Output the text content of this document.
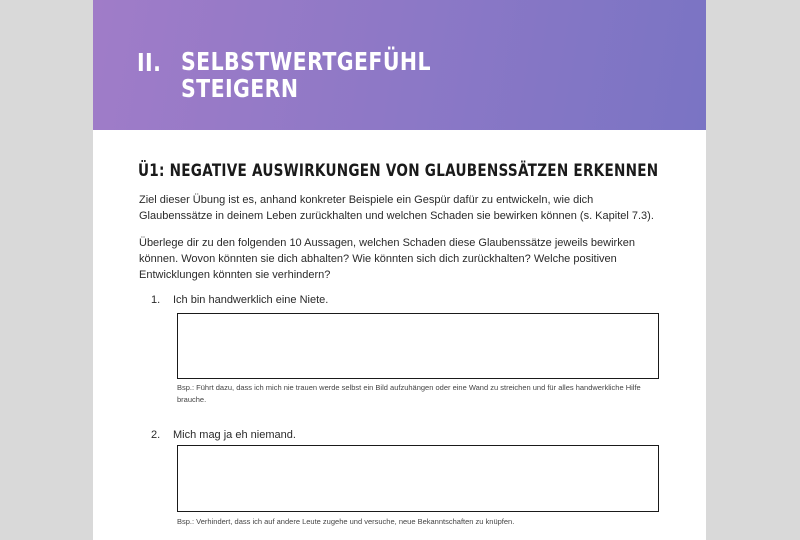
II. SELBSTWERTGEFÜHL
STEIGERN
Ü1: NEGATIVE AUSWIRKUNGEN VON GLAUBENSSÄTZEN ERKENNEN
Ziel dieser Übung ist es, anhand konkreter Beispiele ein Gespür dafür zu entwickeln, wie dich Glaubenssätze in deinem Leben zurückhalten und welchen Schaden sie bewirken können (s. Kapitel 7.3).
Überlege dir zu den folgenden 10 Aussagen, welchen Schaden diese Glaubenssätze jeweils bewirken können. Wovon könnten sie dich abhalten? Wie könnten sich dich zurückhalten? Welche positiven Entwicklungen könnten sie verhindern?
1. Ich bin handwerklich eine Niete.
Bsp.: Führt dazu, dass ich mich nie trauen werde selbst ein Bild aufzuhängen oder eine Wand zu streichen und für alles handwerkliche Hilfe brauche.
2. Mich mag ja eh niemand.
Bsp.: Verhindert, dass ich auf andere Leute zugehe und versuche, neue Bekanntschaften zu knüpfen.
